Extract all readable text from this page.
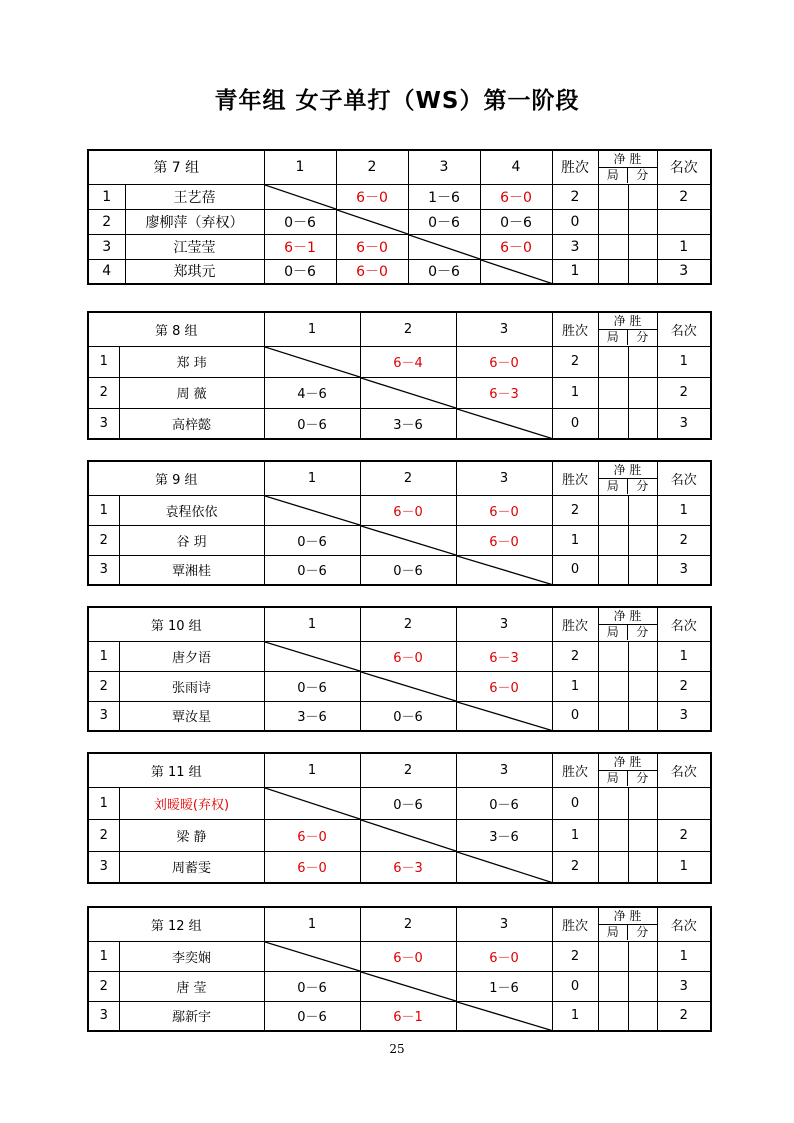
青年组 女子单打（WS）第一阶段
第 7 组		1	2	3	4	胜次	净 胜
局 分		名次
1	王艺蓓		6－0	1－6	6－0	2			2
2	廖柳萍（弃权）	0－6		0－6	0－6	0			
3	江莹莹	6－1	6－0		6－0	3			1
4	郑琪元	0－6	6－0	0－6		1			3
第 8 组		1	2	3	胜次	净 胜
局 分		名次
1	郑 玮		6－4	6－0	2			1
2	周 薇	4－6		6－3	1			2
3	高梓懿	0－6	3－6		0			3
第 9 组		1	2	3	胜次	净 胜
局 分		名次
1	袁程依依		6－0	6－0	2			1
2	谷 玥	0－6		6－0	1			2
3	覃湘桂	0－6	0－6		0			3
第 10 组		1	2	3	胜次	净 胜
局 分		名次
1	唐夕语		6－0	6－3	2			1
2	张雨诗	0－6		6－0	1			2
3	覃汝星	3－6	0－6		0			3
第 11 组		1	2	3	胜次	净 胜
局 分		名次
1	刘暧暧(弃权)		0－6	0－6	0			
2	梁 静	6－0		3－6	1			2
3	周蓄雯	6－0	6－3		2			1
第 12 组		1	2	3	胜次	净 胜
局 分		名次
1	李奕娴		6－0	6－0	2			1
2	唐 莹	0－6		1－6	0			3
3	鄢新宇	0－6	6－1		1			2
25
